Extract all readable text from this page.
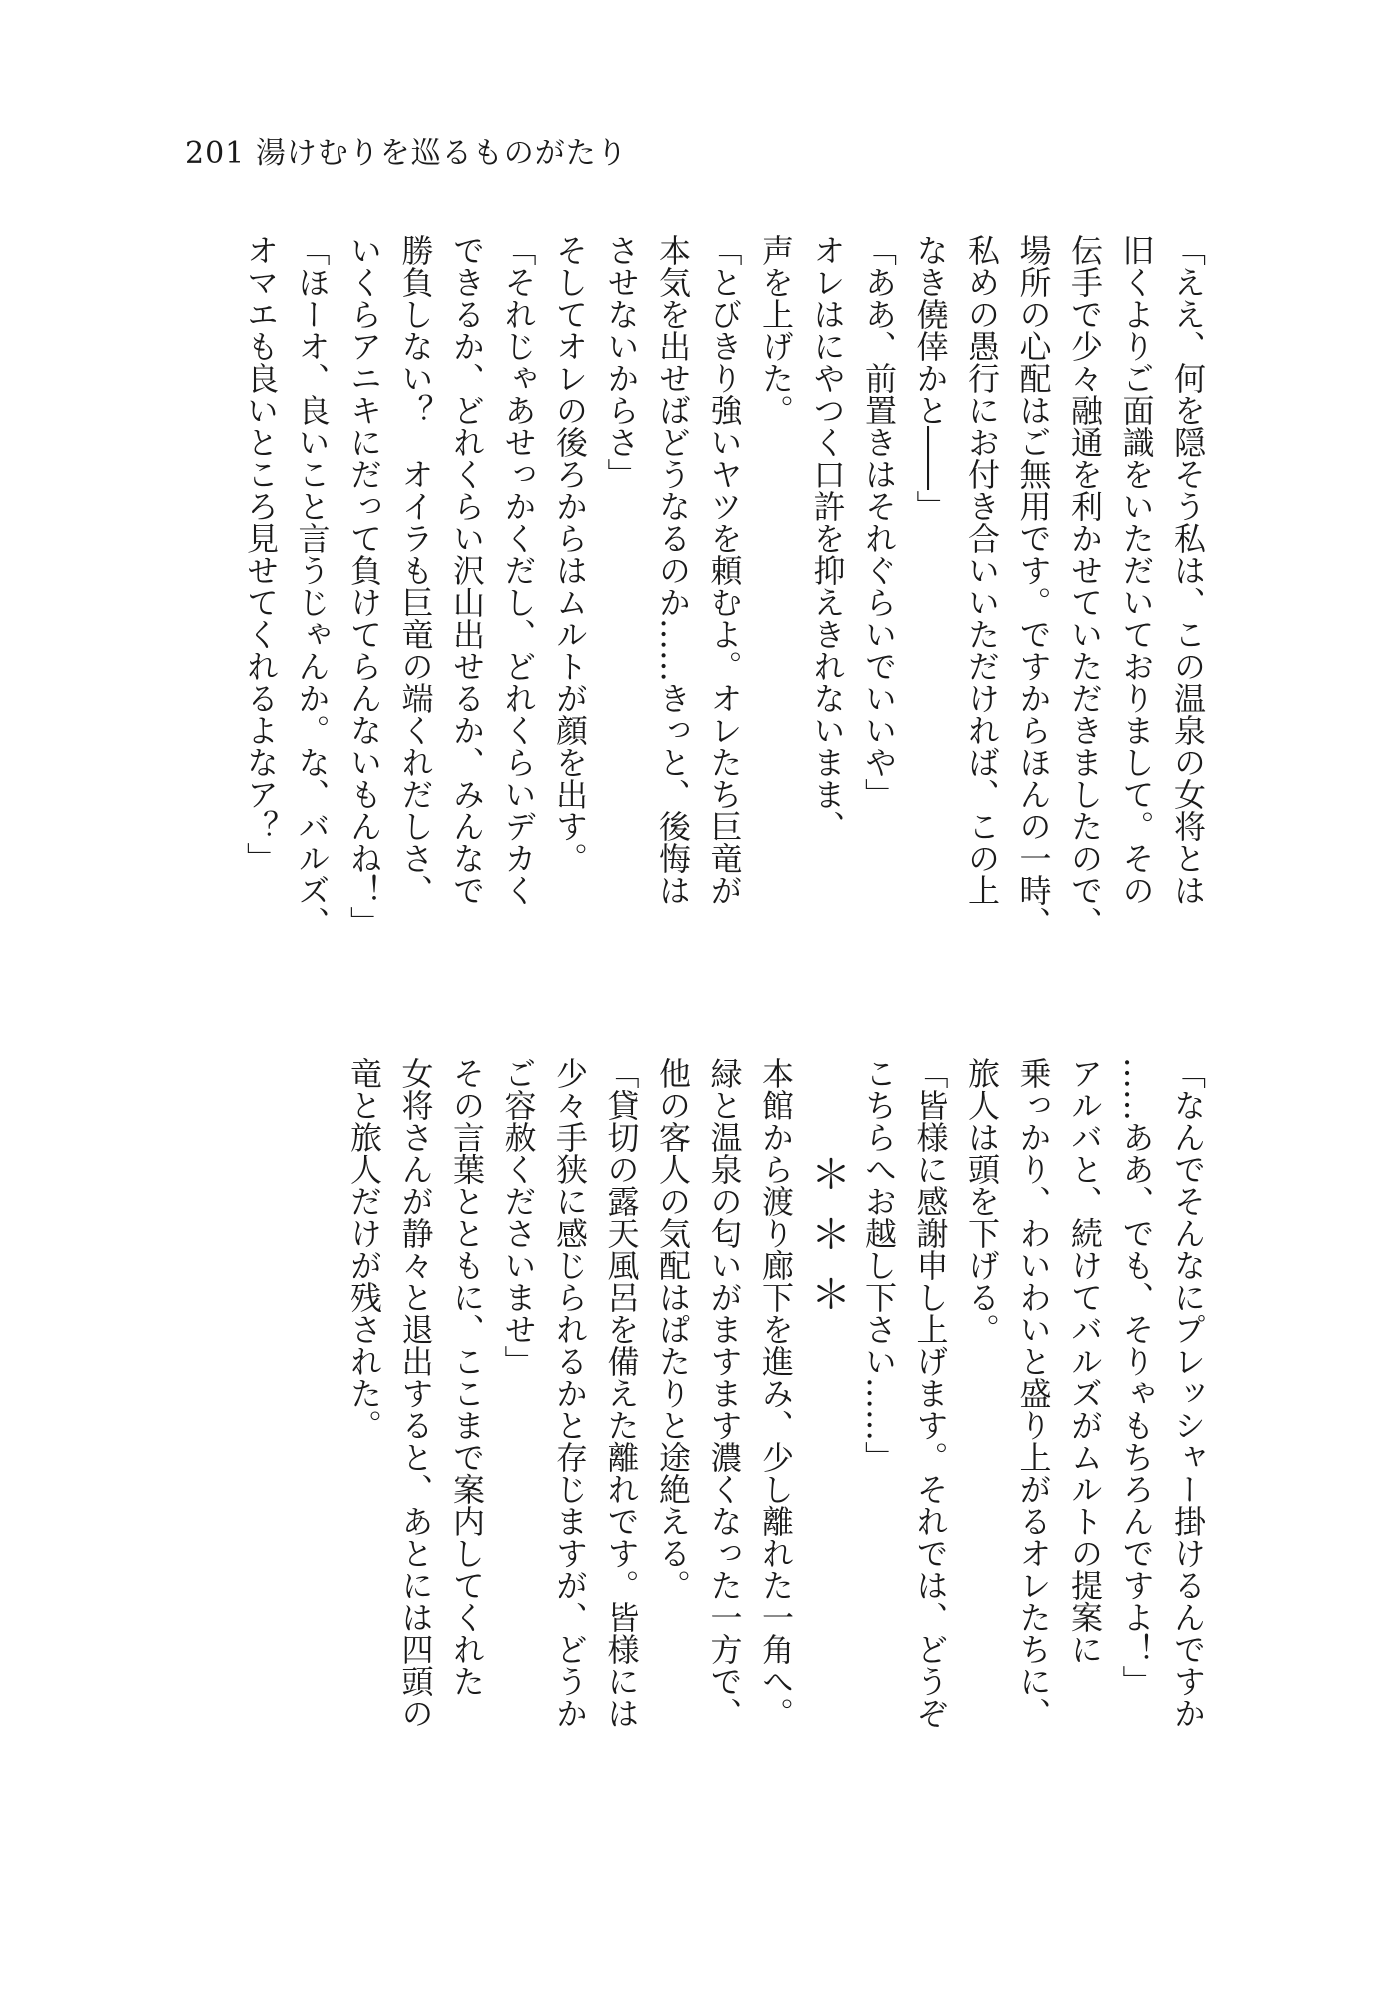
201 湯けむりを巡るものがたり
「ええ、何を隠そう私は、この温泉の女将とは
旧くよりご面識をいただいておりまして。その
伝手で少々融通を利かせていただきましたので、
場所の心配はご無用です。ですからほんの一時、
私めの愚行にお付き合いいただければ、この上
なき僥倖かと――」
「ああ、前置きはそれぐらいでいいや」
オレはにやつく口許を抑えきれないまま、
声を上げた。
「とびきり強いヤツを頼むよ。オレたち巨竜が
本気を出せばどうなるのか……きっと、後悔は
させないからさ」
そしてオレの後ろからはムルトが顔を出す。
「それじゃあせっかくだし、どれくらいデカく
できるか、どれくらい沢山出せるか、みんなで
勝負しない？　オイラも巨竜の端くれだしさ、
いくらアニキにだって負けてらんないもんね！」
「ほーオ、良いこと言うじゃんか。な、バルズ、
オマエも良いところ見せてくれるよなア？」
「なんでそんなにプレッシャー掛けるんですか
……ああ、でも、そりゃもちろんですよ！」
アルバと、続けてバルズがムルトの提案に
乗っかり、わいわいと盛り上がるオレたちに、
旅人は頭を下げる。
「皆様に感謝申し上げます。それでは、どうぞ
こちらへお越し下さい……」
＊＊＊
本館から渡り廊下を進み、少し離れた一角へ。
緑と温泉の匂いがますます濃くなった一方で、
他の客人の気配はぱたりと途絶える。
「貸切の露天風呂を備えた離れです。皆様には
少々手狭に感じられるかと存じますが、どうか
ご容赦くださいませ」
その言葉とともに、ここまで案内してくれた
女将さんが静々と退出すると、あとには四頭の
竜と旅人だけが残された。
